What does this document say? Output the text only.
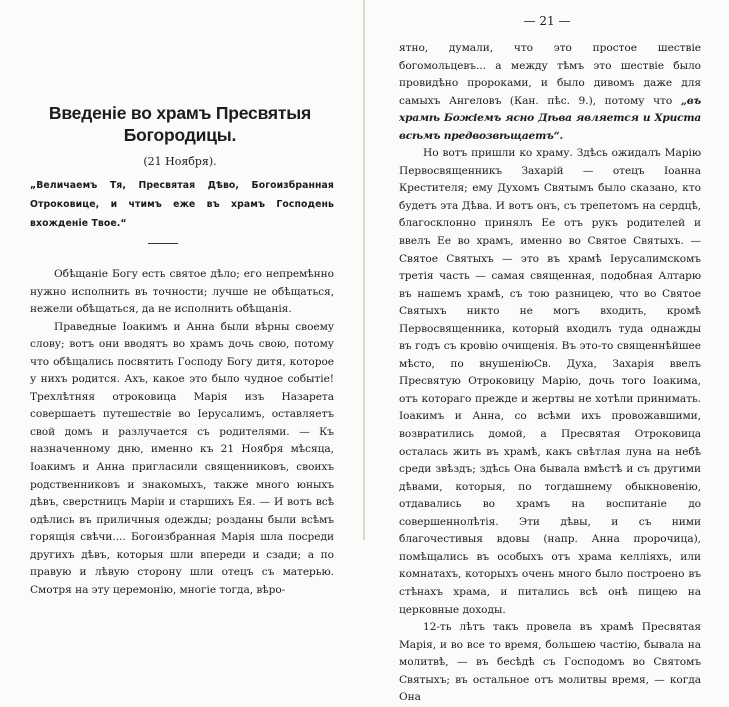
Введеніе во храмъ Пресвятыя Богородицы.
(21 Ноября).
„Величаемъ Тя, Пресвятая Дѣво, Богоизбранная Отроковице, и чтимъ еже въ храмъ Господень вхожденіе Твое.“

Обѣщаніе Богу есть святое дѣло; его непремѣнно нужно исполнить въ точности; лучше не обѣщаться, нежели обѣщаться, да не исполнить обѣщанія.

Праведные Іоакимъ и Анна были вѣрны своему слову; вотъ они вводятъ во храмъ дочь свою, потому что обѣщались посвятить Господу Богу дитя, которое у нихъ родится. Ахъ, какое это было чудное событіе! Трехлѣтняя отроковица Марія изъ Назарета совершаетъ путешествіе во Іерусалимъ, оставляетъ свой домъ и разлучается съ родителями. — Къ назначенному дню, именно къ 21 Ноября мѣсяца, Іоакимъ и Анна пригласили священниковъ, своихъ родственниковъ и знакомыхъ, также много юныхъ дѣвъ, сверстницъ Маріи и старшихъ Ея. — И вотъ всѣ одѣлись въ приличныя одежды; розданы были всѣмъ горящія свѣчи.... Богоизбранная Марія шла посреди другихъ дѣвъ, которыя шли впереди и сзади; а по правую и лѣвую сторону шли отецъ съ матерью. Смотря на эту церемонію, многіе тогда, вѣро-

— 21 —

ятно, думали, что это простое шествіе богомольцевъ... а между тѣмъ это шествіе было провидѣно пророками, и было дивомъ даже для самыхъ Ангеловъ (Кан. пѣс. 9.), потому что „въ храмѣ Божіемъ ясно Дѣва является и Христа всѣмъ предвозвѣщаетъ“.

Но вотъ пришли ко храму. Здѣсь ожидалъ Марію Первосвященникъ Захарій — отецъ Іоанна Крестителя; ему Духомъ Святымъ было сказано, кто будетъ эта Дѣва. И вотъ онъ, съ трепетомъ на сердцѣ, благосклонно принялъ Ее отъ рукъ родителей и ввелъ Ее во храмъ, именно во Святое Святыхъ. — Святое Святыхъ — это въ храмѣ Іерусалимскомъ третія часть — самая священная, подобная Алтарю въ нашемъ храмѣ, съ тою разницею, что во Святое Святыхъ никто не могъ входить, кромѣ Первосвященника, который входилъ туда однажды въ годъ съ кровію очищенія. Въ это-то священнѣйшее мѣсто, по внушеніюСв. Духа, Захарія ввелъ Пресвятую Отроковицу Марію, дочь того Іоакима, отъ котораго прежде и жертвы не хотѣли принимать. Іоакимъ и Анна, со всѣми ихъ провожавшими, возвратились домой, а Пресвятая Отроковица осталась жить въ храмѣ, какъ свѣтлая луна на небѣ среди звѣздъ; здѣсь Она бывала вмѣстѣ и съ другими дѣвами, которыя, по тогдашнему обыкновенію, отдавались во храмъ на воспитаніе до совершеннолѣтія. Эти дѣвы, и съ ними благочестивыя вдовы (напр. Анна пророчица), помѣщались въ особыхъ отъ храма келліяхъ, или комнатахъ, которыхъ очень много было построено въ стѣнахъ храма, и питались всѣ онѣ пищею на церковные доходы.

12-ть лѣтъ такъ провела въ храмѣ Пресвятая Марія, и во все то время, большею частію, бывала на молитвѣ, — въ бесѣдѣ съ Господомъ во Святомъ Святыхъ; въ остальное отъ молитвы время, — когда Она
